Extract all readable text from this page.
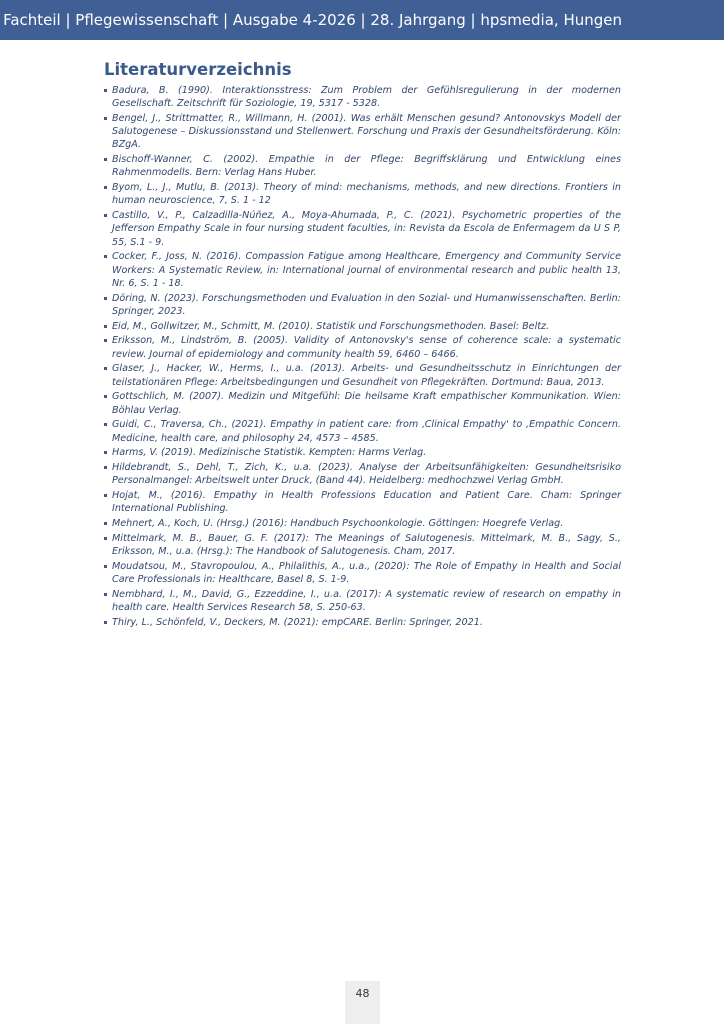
Fachteil | Pflegewissenschaft | Ausgabe 4-2026 | 28. Jahrgang | hpsmedia, Hungen
Literaturverzeichnis
Badura, B. (1990). Interaktionsstress: Zum Problem der Gefühlsregulierung in der modernen Gesellschaft. Zeitschrift für Soziologie, 19, 5317 - 5328.
Bengel, J., Strittmatter, R., Willmann, H. (2001). Was erhält Menschen gesund? Antonovskys Modell der Salutogenese – Diskussionsstand und Stellenwert. Forschung und Praxis der Gesundheitsförderung. Köln: BZgA.
Bischoff-Wanner, C. (2002). Empathie in der Pflege: Begriffsklärung und Entwicklung eines Rahmenmodells. Bern: Verlag Hans Huber.
Byom, L., J., Mutlu, B. (2013). Theory of mind: mechanisms, methods, and new directions. Frontiers in human neuroscience, 7, S. 1 - 12
Castillo, V., P., Calzadilla-Núñez, A., Moya-Ahumada, P., C. (2021). Psychometric properties of the Jefferson Empathy Scale in four nursing student faculties, in: Revista da Escola de Enfermagem da U S P, 55, S.1 - 9.
Cocker, F., Joss, N. (2016). Compassion Fatigue among Healthcare, Emergency and Community Service Workers: A Systematic Review, in: International journal of environmental research and public health 13, Nr. 6, S. 1 - 18.
Döring, N. (2023). Forschungsmethoden und Evaluation in den Sozial- und Humanwissenschaften. Berlin: Springer, 2023.
Eid, M., Gollwitzer, M., Schmitt, M. (2010). Statistik und Forschungsmethoden. Basel: Beltz.
Eriksson, M., Lindström, B. (2005). Validity of Antonovsky's sense of coherence scale: a systematic review. Journal of epidemiology and community health 59, 6460 – 6466.
Glaser, J., Hacker, W., Herms, I., u.a. (2013). Arbeits- und Gesundheitsschutz in Einrichtungen der teilstationären Pflege: Arbeitsbedingungen und Gesundheit von Pflegekräften. Dortmund: Baua, 2013.
Gottschlich, M. (2007). Medizin und Mitgefühl: Die heilsame Kraft empathischer Kommunikation. Wien: Böhlau Verlag.
Guidi, C., Traversa, Ch., (2021). Empathy in patient care: from ‚Clinical Empathy' to ‚Empathic Concern. Medicine, health care, and philosophy 24, 4573 – 4585.
Harms, V. (2019). Medizinische Statistik. Kempten: Harms Verlag.
Hildebrandt, S., Dehl, T., Zich, K., u.a. (2023). Analyse der Arbeitsunfähigkeiten: Gesundheitsrisiko Personalmangel: Arbeitswelt unter Druck, (Band 44). Heidelberg: medhochzwei Verlag GmbH.
Hojat, M., (2016). Empathy in Health Professions Education and Patient Care. Cham: Springer International Publishing.
Mehnert, A., Koch, U. (Hrsg.) (2016): Handbuch Psychoonkologie. Göttingen: Hoegrefe Verlag.
Mittelmark, M. B., Bauer, G. F. (2017): The Meanings of Salutogenesis. Mittelmark, M. B., Sagy, S., Eriksson, M., u.a. (Hrsg.): The Handbook of Salutogenesis. Cham, 2017.
Moudatsou, M., Stavropoulou, A., Philalithis, A., u.a., (2020): The Role of Empathy in Health and Social Care Professionals in: Healthcare, Basel 8, S. 1-9.
Nembhard, I., M., David, G., Ezzeddine, I., u.a. (2017): A systematic review of research on empathy in health care. Health Services Research 58, S. 250-63.
Thiry, L., Schönfeld, V., Deckers, M. (2021): empCARE. Berlin: Springer, 2021.
48
